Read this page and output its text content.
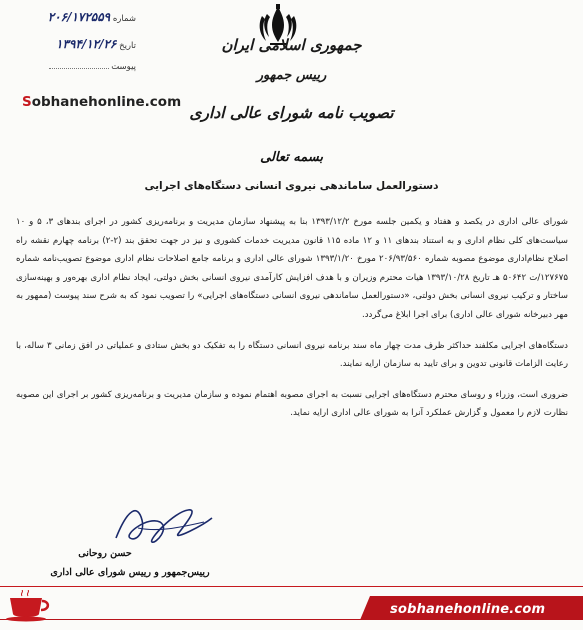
جمهوری اسلامی ایران
رییس جمهور
تصویب نامه شورای عالی اداری
شماره ۲۰۶/۱۷۲۵۵۹
تاریخ ۱۳۹۴/۱۲/۲۶
پیوست
Sobhanehonline.com
بسمه تعالی
دستورالعمل ساماندهی نیروی انسانی دستگاه‌های اجرایی

شورای عالی اداری در یکصد و هفتاد و یکمین جلسه مورخ ۱۳۹۳/۱۲/۲ بنا به پیشنهاد سازمان مدیریت و برنامه‌ریزی کشور در اجرای بندهای ۳، ۵ و ۱۰ سیاست‌های کلی نظام اداری و به استناد بندهای ۱۱ و ۱۲ ماده ۱۱۵ قانون مدیریت خدمات کشوری و نیز در جهت تحقق بند (۲-۲) برنامه چهارم نقشه راه اصلاح نظام‌اداری موضوع مصوبه شماره ۲۰۶/۹۳/۵۶۰ مورخ ۱۳۹۳/۱/۲۰ شورای عالی اداری و برنامه جامع اصلاحات نظام اداری موضوع تصویب‌نامه شماره ۱۲۷۶۷۵/ت ۵۰۶۴۲ هـ تاریخ ۱۳۹۳/۱۰/۲۸ هیات محترم وزیران و با هدف افزایش کارآمدی نیروی انسانی بخش دولتی، ایجاد نظام اداری بهره‌ور و بهینه‌سازی ساختار و ترکیب نیروی انسانی بخش دولتی، «دستورالعمل ساماندهی نیروی انسانی دستگاه‌های اجرایی» را تصویب نمود که به شرح سند پیوست (ممهور به مهر دبیرخانه شورای عالی اداری) برای اجرا ابلاغ می‌گردد.

دستگاه‌های اجرایی مکلفند حداکثر ظرف مدت چهار ماه سند برنامه نیروی انسانی دستگاه را به تفکیک دو بخش ستادی و عملیاتی در افق زمانی ۳ ساله، با رعایت الزامات قانونی تدوین و برای تایید به سازمان ارایه نمایند.

ضروری است، وزراء و روسای محترم دستگاه‌های اجرایی نسبت به اجرای مصوبه اهتمام نموده و سازمان مدیریت و برنامه‌ریزی کشور بر اجرای این مصوبه نظارت لازم را معمول و گزارش عملکرد آنرا به شورای عالی اداری ارایه نماید.

حسن روحانی
رییس‌جمهور و رییس شورای عالی اداری
sobhanehonline.com
